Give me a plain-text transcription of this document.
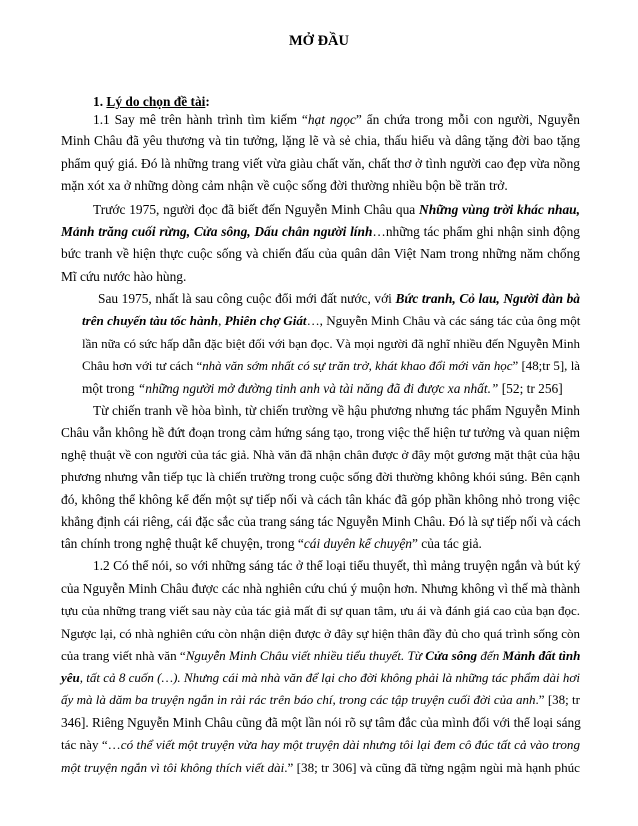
MỞ ĐẦU
1. Lý do chọn đề tài:
1.1 Say mê trên hành trình tìm kiếm “hạt ngọc” ẩn chứa trong mỗi con người, Nguyễn
Minh Châu đã yêu thương và tin tưởng, lặng lẽ và sẻ chia, thấu hiểu và dâng tặng đời bao tặng
phẩm quý giá. Đó là những trang viết vừa giàu chất văn, chất thơ ở tình người cao đẹp vừa nồng
mặn xót xa ở những dòng cảm nhận về cuộc sống đời thường nhiều bộn bề trăn trở.
Trước 1975, người đọc đã biết đến Nguyễn Minh Châu qua Những vùng trời khác nhau,
Mảnh trăng cuối rừng, Cửa sông, Dấu chân người lính…những tác phẩm ghi nhận sinh động
bức tranh về hiện thực cuộc sống và chiến đấu của quân dân Việt Nam trong những năm chống
Mĩ cứu nước hào hùng.
Sau 1975, nhất là sau công cuộc đổi mới đất nước, với Bức tranh, Cỏ lau, Người đàn bà
trên chuyến tàu tốc hành, Phiên chợ Giát…, Nguyễn Minh Châu và các sáng tác của ông một
lần nữa có sức hấp dẫn đặc biệt đối với bạn đọc. Và mọi người đã nghĩ nhiều đến Nguyễn Minh
Châu hơn với tư cách “nhà văn sớm nhất có sự trăn trở, khát khao đổi mới văn học” [48;tr 5], là
một trong “những người mở đường tinh anh và tài năng đã đi được xa nhất.” [52; tr 256]
Từ chiến tranh về hòa bình, từ chiến trường về hậu phương nhưng tác phẩm Nguyễn Minh
Châu vẫn không hề đứt đoạn trong cảm hứng sáng tạo, trong việc thể hiện tư tưởng và quan niệm
nghệ thuật về con người của tác giả. Nhà văn đã nhận chân được ở đây một gương mặt thật của hậu
phương nhưng vẫn tiếp tục là chiến trường trong cuộc sống đời thường không khói súng. Bên cạnh
đó, không thể không kể đến một sự tiếp nối và cách tân khác đã góp phần không nhỏ trong việc
khẳng định cái riêng, cái đặc sắc của trang sáng tác Nguyễn Minh Châu. Đó là sự tiếp nối và cách
tân chính trong nghệ thuật kể chuyện, trong “cái duyên kể chuyện” của tác giả.
1.2 Có thể nói, so với những sáng tác ở thể loại tiểu thuyết, thì mảng truyện ngắn và bút ký
của Nguyễn Minh Châu được các nhà nghiên cứu chú ý muộn hơn. Nhưng không vì thế mà thành
tựu của những trang viết sau này của tác giả mất đi sự quan tâm, ưu ái và đánh giá cao của bạn đọc.
Ngược lại, có nhà nghiên cứu còn nhận diện được ở đây sự hiện thân đầy đủ cho quá trình sống còn
của trang viết nhà văn “Nguyễn Minh Châu viết nhiều tiểu thuyết. Từ Cửa sông đến Mảnh đất tình
yêu, tất cả 8 cuốn (…). Nhưng cái mà nhà văn để lại cho đời không phải là những tác phẩm dài hơi
ấy mà là dăm ba truyện ngắn in rải rác trên báo chí, trong các tập truyện cuối đời của anh.” [38; tr
346]. Riêng Nguyễn Minh Châu cũng đã một lần nói rõ sự tâm đắc của mình đối với thể loại sáng
tác này “…có thể viết một truyện vừa hay một truyện dài nhưng tôi lại đem cô đúc tất cả vào trong
một truyện ngắn vì tôi không thích viết dài.” [38; tr 306] và cũng đã từng ngậm ngùi mà hạnh phúc
